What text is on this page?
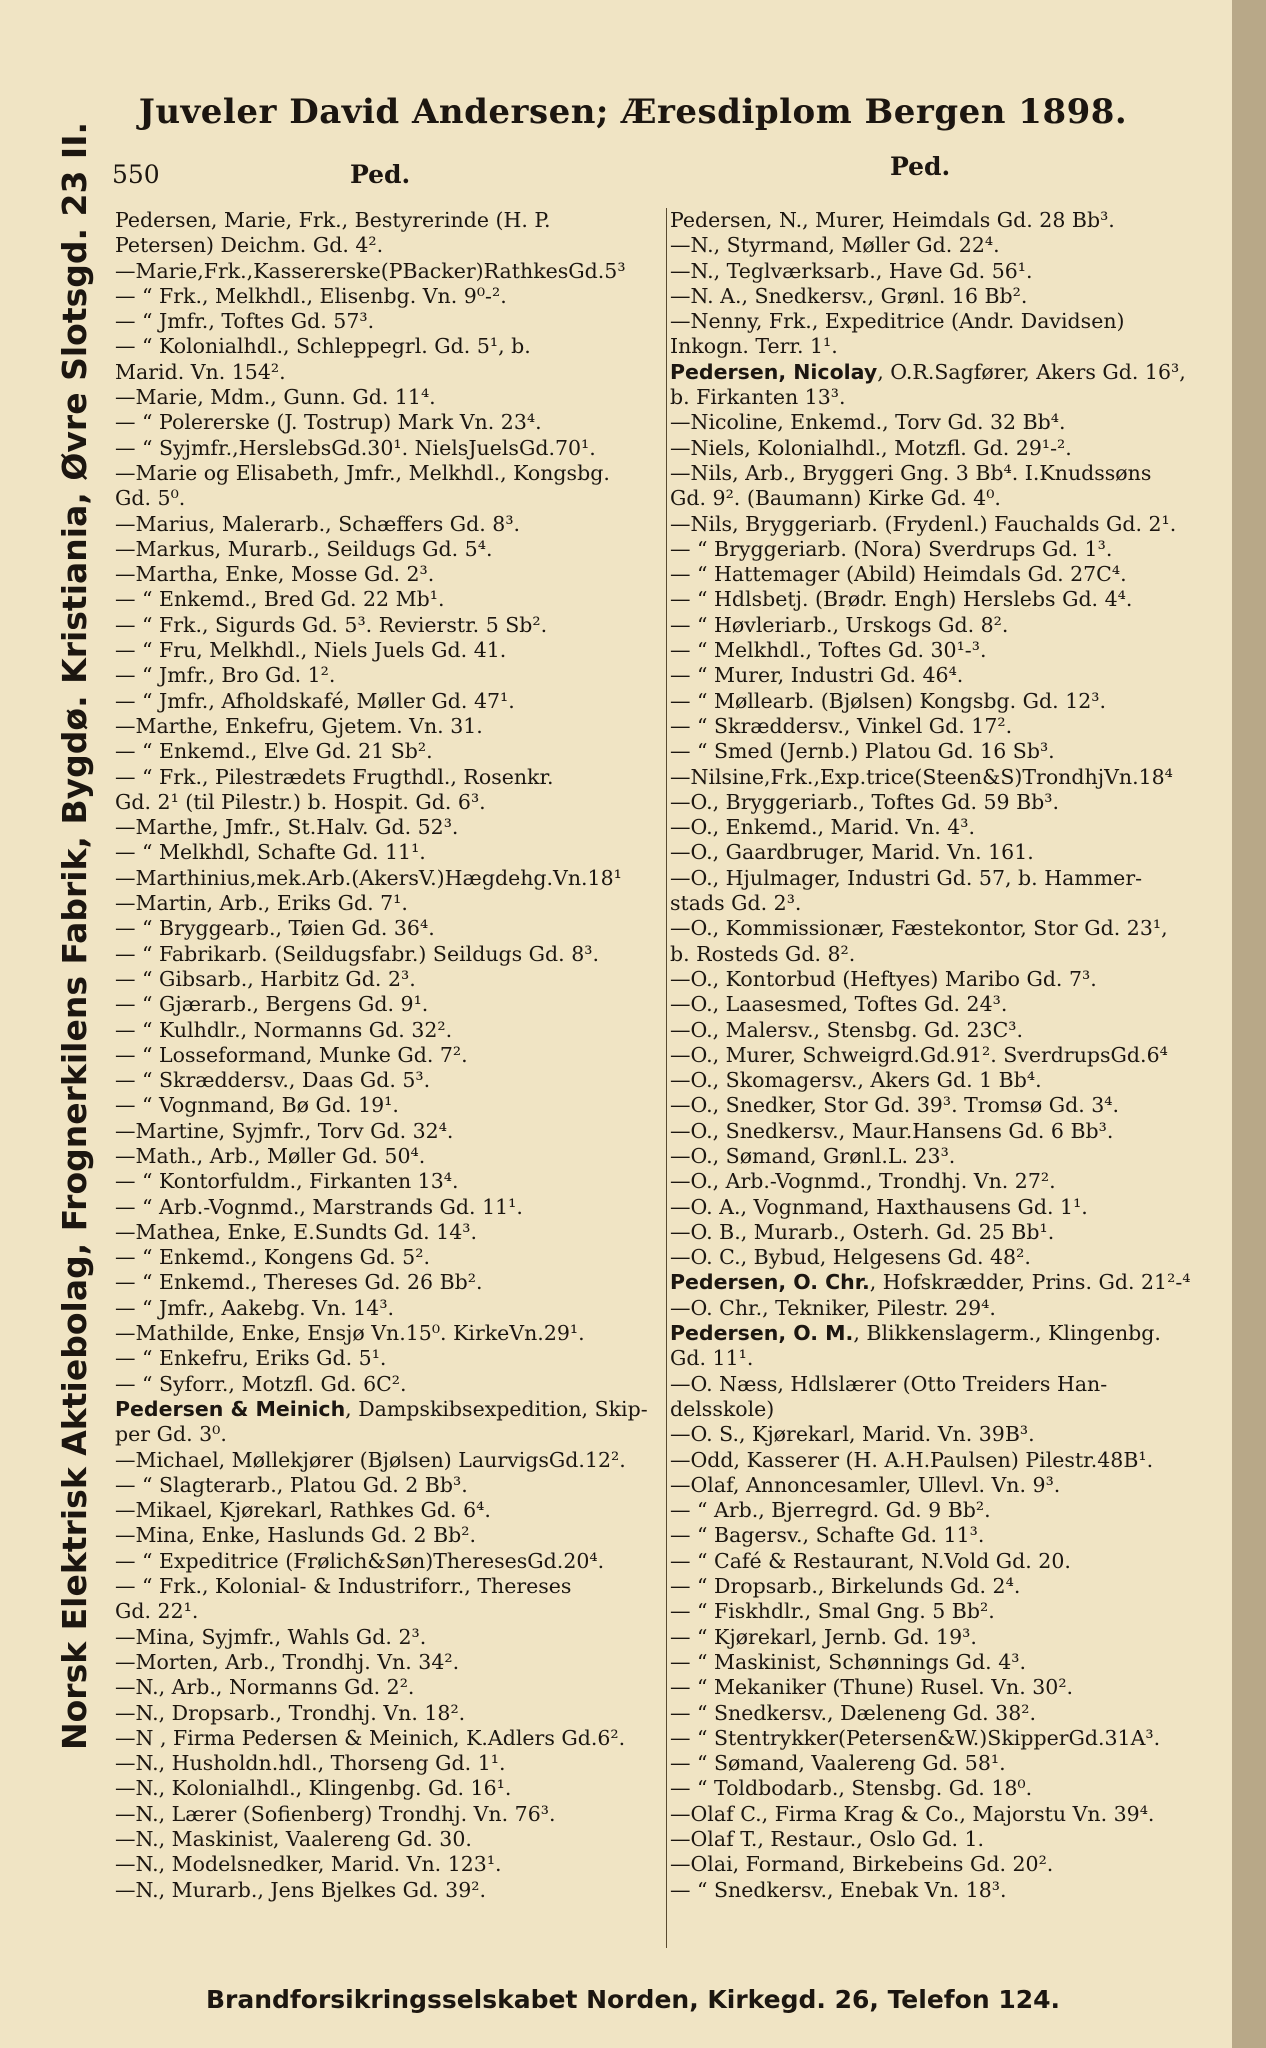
Juveler David Andersen; Æresdiplom Bergen 1898.
550	Ped.	Ped.
Norsk Elektrisk Aktiebolag, Frognerkilens Fabrik, Bygdø. Kristiania, Øvre Slotsgd. 23 II.	Pedersen, Marie, Frk., Bestyrerinde (H. P.
Petersen) Deichm. Gd. 4².
—Marie,Frk.,Kassererske(PBacker)RathkesGd.5³
— “ Frk., Melkhdl., Elisenbg. Vn. 9⁰-².
— “ Jmfr., Toftes Gd. 57³.
— “ Kolonialhdl., Schleppegrl. Gd. 5¹, b.
Marid. Vn. 154².
—Marie, Mdm., Gunn. Gd. 11⁴.
— “ Polererske (J. Tostrup) Mark Vn. 23⁴.
— “ Syjmfr.,HerslebsGd.30¹. NielsJuelsGd.70¹.
—Marie og Elisabeth, Jmfr., Melkhdl., Kongsbg.
Gd. 5⁰.
—Marius, Malerarb., Schæffers Gd. 8³.
—Markus, Murarb., Seildugs Gd. 5⁴.
—Martha, Enke, Mosse Gd. 2³.
— “ Enkemd., Bred Gd. 22 Mb¹.
— “ Frk., Sigurds Gd. 5³. Revierstr. 5 Sb².
— “ Fru, Melkhdl., Niels Juels Gd. 41.
— “ Jmfr., Bro Gd. 1².
— “ Jmfr., Afholdskafé, Møller Gd. 47¹.
—Marthe, Enkefru, Gjetem. Vn. 31.
— “ Enkemd., Elve Gd. 21 Sb².
— “ Frk., Pilestrædets Frugthdl., Rosenkr.
Gd. 2¹ (til Pilestr.) b. Hospit. Gd. 6³.
—Marthe, Jmfr., St.Halv. Gd. 52³.
— “ Melkhdl, Schafte Gd. 11¹.
—Marthinius,mek.Arb.(AkersV.)Hægdehg.Vn.18¹
—Martin, Arb., Eriks Gd. 7¹.
— “ Bryggearb., Tøien Gd. 36⁴.
— “ Fabrikarb. (Seildugsfabr.) Seildugs Gd. 8³.
— “ Gibsarb., Harbitz Gd. 2³.
— “ Gjærarb., Bergens Gd. 9¹.
— “ Kulhdlr., Normanns Gd. 32².
— “ Losseformand, Munke Gd. 7².
— “ Skræddersv., Daas Gd. 5³.
— “ Vognmand, Bø Gd. 19¹.
—Martine, Syjmfr., Torv Gd. 32⁴.
—Math., Arb., Møller Gd. 50⁴.
— “ Kontorfuldm., Firkanten 13⁴.
— “ Arb.-Vognmd., Marstrands Gd. 11¹.
—Mathea, Enke, E.Sundts Gd. 14³.
— “ Enkemd., Kongens Gd. 5².
— “ Enkemd., Thereses Gd. 26 Bb².
— “ Jmfr., Aakebg. Vn. 14³.
—Mathilde, Enke, Ensjø Vn.15⁰. KirkeVn.29¹.
— “ Enkefru, Eriks Gd. 5¹.
— “ Syforr., Motzfl. Gd. 6C².
Pedersen & Meinich, Dampskibsexpedition, Skip-
per Gd. 3⁰.
—Michael, Møllekjører (Bjølsen) LaurvigsGd.12².
— “ Slagterarb., Platou Gd. 2 Bb³.
—Mikael, Kjørekarl, Rathkes Gd. 6⁴.
—Mina, Enke, Haslunds Gd. 2 Bb².
— “ Expeditrice (Frølich&Søn)TheresesGd.20⁴.
— “ Frk., Kolonial- & Industriforr., Thereses
Gd. 22¹.
—Mina, Syjmfr., Wahls Gd. 2³.
—Morten, Arb., Trondhj. Vn. 34².
—N., Arb., Normanns Gd. 2².
—N., Dropsarb., Trondhj. Vn. 18².
—N , Firma Pedersen & Meinich, K.Adlers Gd.6².
—N., Husholdn.hdl., Thorseng Gd. 1¹.
—N., Kolonialhdl., Klingenbg. Gd. 16¹.
—N., Lærer (Sofienberg) Trondhj. Vn. 76³.
—N., Maskinist, Vaalereng Gd. 30.
—N., Modelsnedker, Marid. Vn. 123¹.
—N., Murarb., Jens Bjelkes Gd. 39².
Pedersen, N., Murer, Heimdals Gd. 28 Bb³.
—N., Styrmand, Møller Gd. 22⁴.
—N., Teglværksarb., Have Gd. 56¹.
—N. A., Snedkersv., Grønl. 16 Bb².
—Nenny, Frk., Expeditrice (Andr. Davidsen)
Inkogn. Terr. 1¹.
Pedersen, Nicolay, O.R.Sagfører, Akers Gd. 16³,
b. Firkanten 13³.
—Nicoline, Enkemd., Torv Gd. 32 Bb⁴.
—Niels, Kolonialhdl., Motzfl. Gd. 29¹-².
—Nils, Arb., Bryggeri Gng. 3 Bb⁴. I.Knudssøns
Gd. 9². (Baumann) Kirke Gd. 4⁰.
—Nils, Bryggeriarb. (Frydenl.) Fauchalds Gd. 2¹.
— “ Bryggeriarb. (Nora) Sverdrups Gd. 1³.
— “ Hattemager (Abild) Heimdals Gd. 27C⁴.
— “ Hdlsbetj. (Brødr. Engh) Herslebs Gd. 4⁴.
— “ Høvleriarb., Urskogs Gd. 8².
— “ Melkhdl., Toftes Gd. 30¹-³.
— “ Murer, Industri Gd. 46⁴.
— “ Møllearb. (Bjølsen) Kongsbg. Gd. 12³.
— “ Skræddersv., Vinkel Gd. 17².
— “ Smed (Jernb.) Platou Gd. 16 Sb³.
—Nilsine,Frk.,Exp.trice(Steen&S)TrondhjVn.18⁴
—O., Bryggeriarb., Toftes Gd. 59 Bb³.
—O., Enkemd., Marid. Vn. 4³.
—O., Gaardbruger, Marid. Vn. 161.
—O., Hjulmager, Industri Gd. 57, b. Hammer-
stads Gd. 2³.
—O., Kommissionær, Fæstekontor, Stor Gd. 23¹,
b. Rosteds Gd. 8².
—O., Kontorbud (Heftyes) Maribo Gd. 7³.
—O., Laasesmed, Toftes Gd. 24³.
—O., Malersv., Stensbg. Gd. 23C³.
—O., Murer, Schweigrd.Gd.91². SverdrupsGd.6⁴
—O., Skomagersv., Akers Gd. 1 Bb⁴.
—O., Snedker, Stor Gd. 39³. Tromsø Gd. 3⁴.
—O., Snedkersv., Maur.Hansens Gd. 6 Bb³.
—O., Sømand, Grønl.L. 23³.
—O., Arb.-Vognmd., Trondhj. Vn. 27².
—O. A., Vognmand, Haxthausens Gd. 1¹.
—O. B., Murarb., Osterh. Gd. 25 Bb¹.
—O. C., Bybud, Helgesens Gd. 48².
Pedersen, O. Chr., Hofskrædder, Prins. Gd. 21²-⁴
—O. Chr., Tekniker, Pilestr. 29⁴.
Pedersen, O. M., Blikkenslagerm., Klingenbg.
Gd. 11¹.
—O. Næss, Hdlslærer (Otto Treiders Han-
delsskole)
—O. S., Kjørekarl, Marid. Vn. 39B³.
—Odd, Kasserer (H. A.H.Paulsen) Pilestr.48B¹.
—Olaf, Annoncesamler, Ullevl. Vn. 9³.
— “ Arb., Bjerregrd. Gd. 9 Bb².
— “ Bagersv., Schafte Gd. 11³.
— “ Café & Restaurant, N.Vold Gd. 20.
— “ Dropsarb., Birkelunds Gd. 2⁴.
— “ Fiskhdlr., Smal Gng. 5 Bb².
— “ Kjørekarl, Jernb. Gd. 19³.
— “ Maskinist, Schønnings Gd. 4³.
— “ Mekaniker (Thune) Rusel. Vn. 30².
— “ Snedkersv., Dæleneng Gd. 38².
— “ Stentrykker(Petersen&W.)SkipperGd.31A³.
— “ Sømand, Vaalereng Gd. 58¹.
— “ Toldbodarb., Stensbg. Gd. 18⁰.
—Olaf C., Firma Krag & Co., Majorstu Vn. 39⁴.
—Olaf T., Restaur., Oslo Gd. 1.
—Olai, Formand, Birkebeins Gd. 20².
— “ Snedkersv., Enebak Vn. 18³.
Brandforsikringsselskabet Norden, Kirkegd. 26, Telefon 124.
